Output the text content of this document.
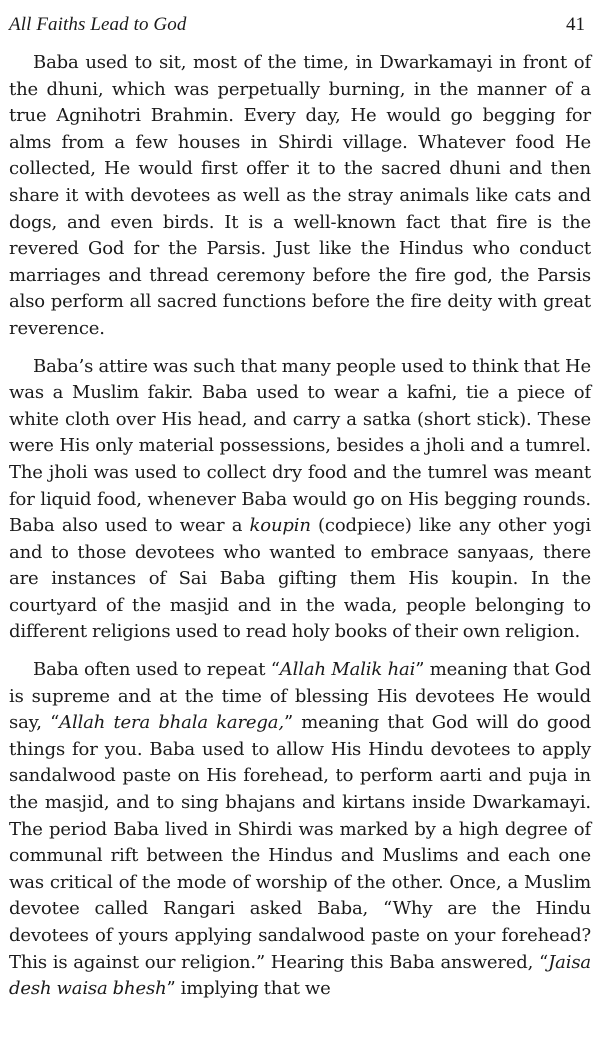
All Faiths Lead to God	41

Baba used to sit, most of the time, in Dwarkamayi in front of the dhuni, which was perpetually burning, in the manner of a true Agnihotri Brahmin. Every day, He would go begging for alms from a few houses in Shirdi village. Whatever food He collected, He would first offer it to the sacred dhuni and then share it with devotees as well as the stray animals like cats and dogs, and even birds. It is a well-known fact that fire is the revered God for the Parsis. Just like the Hindus who conduct marriages and thread ceremony before the fire god, the Parsis also perform all sacred functions before the fire deity with great reverence.

Baba’s attire was such that many people used to think that He was a Muslim fakir. Baba used to wear a kafni, tie a piece of white cloth over His head, and carry a satka (short stick). These were His only material possessions, besides a jholi and a tumrel. The jholi was used to collect dry food and the tumrel was meant for liquid food, whenever Baba would go on His begging rounds. Baba also used to wear a koupin (codpiece) like any other yogi and to those devotees who wanted to embrace sanyaas, there are instances of Sai Baba gifting them His koupin. In the courtyard of the masjid and in the wada, people belonging to different religions used to read holy books of their own religion.

Baba often used to repeat “Allah Malik hai” meaning that God is supreme and at the time of blessing His devotees He would say, “Allah tera bhala karega,” meaning that God will do good things for you. Baba used to allow His Hindu devotees to apply sandalwood paste on His forehead, to perform aarti and puja in the masjid, and to sing bhajans and kirtans inside Dwarkamayi. The period Baba lived in Shirdi was marked by a high degree of communal rift between the Hindus and Muslims and each one was critical of the mode of worship of the other. Once, a Muslim devotee called Rangari asked Baba, “Why are the Hindu devotees of yours applying sandalwood paste on your forehead? This is against our religion.” Hearing this Baba answered, “Jaisa desh waisa bhesh” implying that we
